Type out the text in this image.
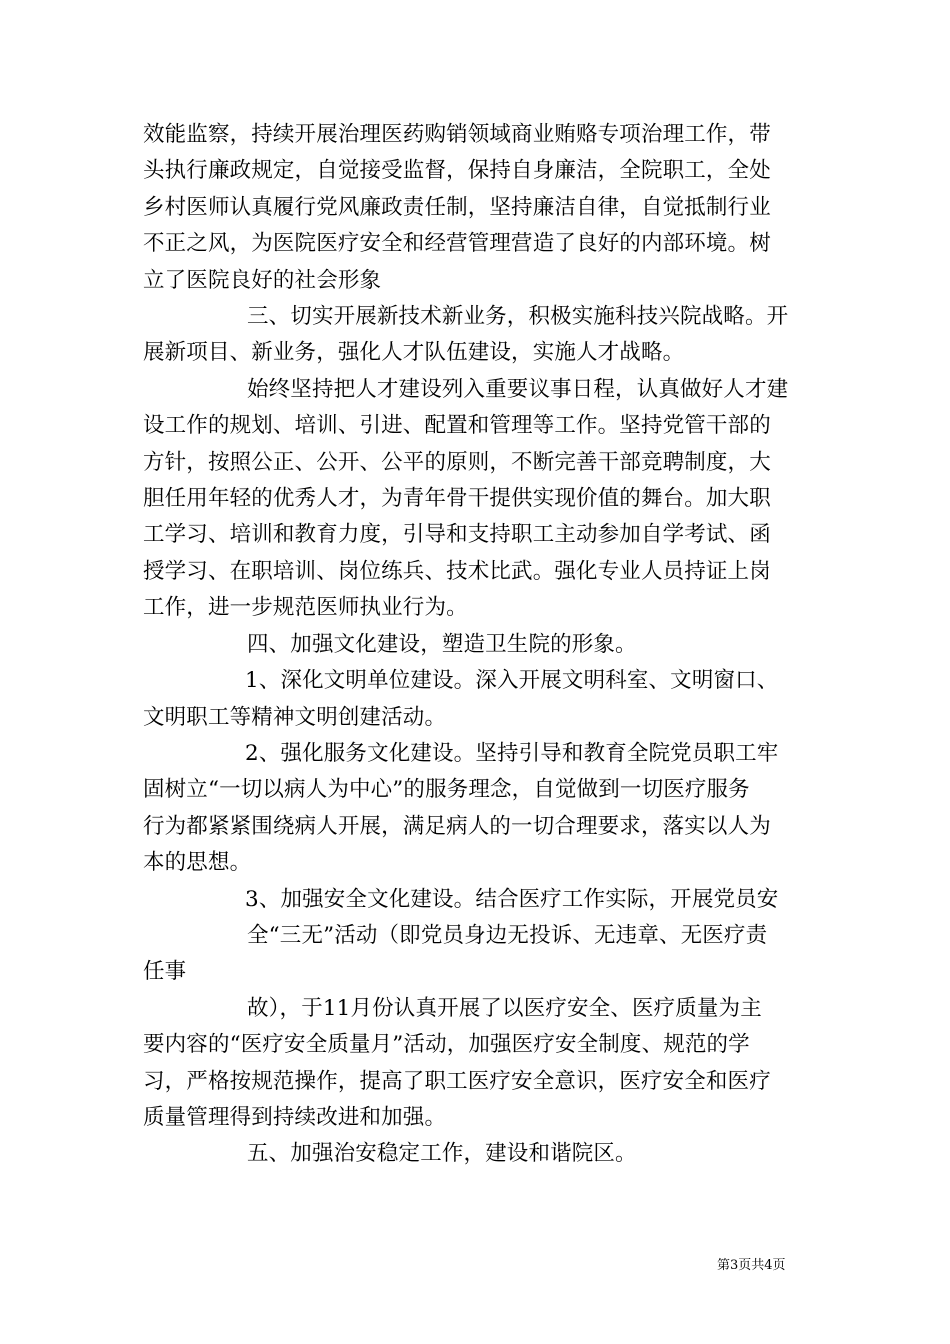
效能监察，持续开展治理医药购销领域商业贿赂专项治理工作，带
头执行廉政规定，自觉接受监督，保持自身廉洁，全院职工，全处
乡村医师认真履行党风廉政责任制，坚持廉洁自律，自觉抵制行业
不正之风，为医院医疗安全和经营管理营造了良好的内部环境。树
立了医院良好的社会形象
三、切实开展新技术新业务，积极实施科技兴院战略。开
展新项目、新业务，强化人才队伍建设，实施人才战略。
始终坚持把人才建设列入重要议事日程，认真做好人才建
设工作的规划、培训、引进、配置和管理等工作。坚持党管干部的
方针，按照公正、公开、公平的原则，不断完善干部竞聘制度，大
胆任用年轻的优秀人才，为青年骨干提供实现价值的舞台。加大职
工学习、培训和教育力度，引导和支持职工主动参加自学考试、函
授学习、在职培训、岗位练兵、技术比武。强化专业人员持证上岗
工作，进一步规范医师执业行为。
四、加强文化建设，塑造卫生院的形象。
1、深化文明单位建设。深入开展文明科室、文明窗口、
文明职工等精神文明创建活动。
2、强化服务文化建设。坚持引导和教育全院党员职工牢
固树立“一切以病人为中心”的服务理念，自觉做到一切医疗服务
行为都紧紧围绕病人开展，满足病人的一切合理要求，落实以人为
本的思想。
3、加强安全文化建设。结合医疗工作实际，开展党员安
全“三无”活动（即党员身边无投诉、无违章、无医疗责
任事
故），于11月份认真开展了以医疗安全、医疗质量为主
要内容的“医疗安全质量月”活动，加强医疗安全制度、规范的学
习，严格按规范操作，提高了职工医疗安全意识，医疗安全和医疗
质量管理得到持续改进和加强。
五、加强治安稳定工作，建设和谐院区。
第3页共4页
